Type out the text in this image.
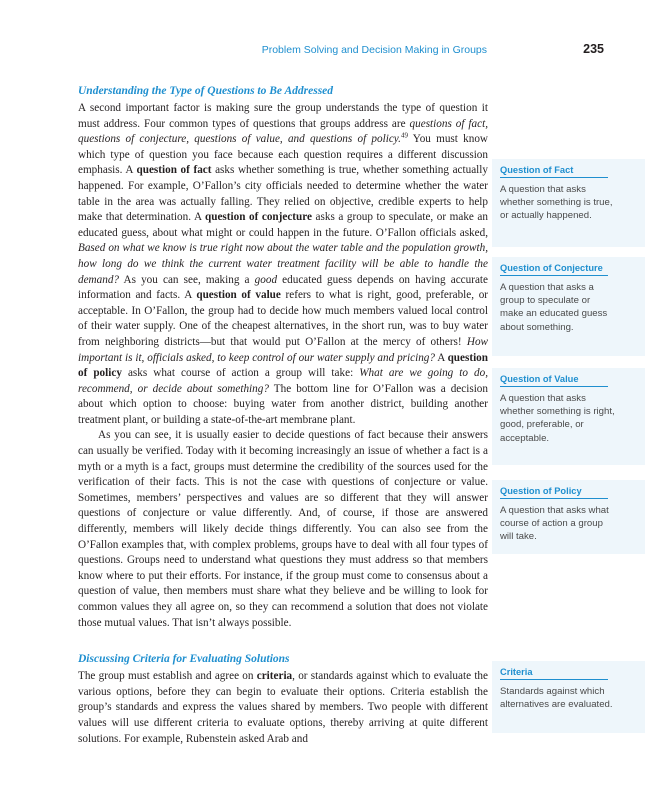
Problem Solving and Decision Making in Groups	235
Understanding the Type of Questions to Be Addressed

A second important factor is making sure the group understands the type of question it must address. Four common types of questions that groups address are questions of fact, questions of conjecture, questions of value, and questions of policy.$^{49}$ You must know which type of question you face because each question requires a different discussion emphasis. A question of fact asks whether something is true, whether something actually happened. For example, O’Fallon’s city officials needed to determine whether the water table in the area was actually falling. They relied on objective, credible experts to help make that determination. A question of conjecture asks a group to speculate, or make an educated guess, about what might or could happen in the future. O’Fallon officials asked, Based on what we know is true right now about the water table and the population growth, how long do we think the current water treatment facility will be able to handle the demand? As you can see, making a good educated guess depends on having accurate information and facts. A question of value refers to what is right, good, preferable, or acceptable. In O’Fallon, the group had to decide how much members valued local control of their water supply. One of the cheapest alternatives, in the short run, was to buy water from neighboring districts—but that would put O’Fallon at the mercy of others! How important is it, officials asked, to keep control of our water supply and pricing? A question of policy asks what course of action a group will take: What are we going to do, recommend, or decide about something? The bottom line for O’Fallon was a decision about which option to choose: buying water from another district, building another treatment plant, or building a state-of-the-art membrane plant.

As you can see, it is usually easier to decide questions of fact because their answers can usually be verified. Today with it becoming increasingly an issue of whether a fact is a myth or a myth is a fact, groups must determine the credibility of the sources used for the verification of their facts. This is not the case with questions of conjecture or value. Sometimes, members’ perspectives and values are so different that they will answer questions of conjecture or value differently. And, of course, if those are answered differently, members will likely decide things differently. You can also see from the O’Fallon examples that, with complex problems, groups have to deal with all four types of questions. Groups need to understand what questions they must address so that members know where to put their efforts. For instance, if the group must come to consensus about a question of value, then members must share what they believe and be willing to look for common values they all agree on, so they can recommend a solution that does not violate those mutual values. That isn’t always possible.

Discussing Criteria for Evaluating Solutions

The group must establish and agree on criteria, or standards against which to evaluate the various options, before they can begin to evaluate their options. Criteria establish the group’s standards and express the values shared by members. Two people with different values will use different criteria to evaluate options, thereby arriving at quite different solutions. For example, Rubenstein asked Arab and

Question of Fact
A question that asks whether something is true, or actually happened.
Question of Conjecture
A question that asks a group to speculate or make an educated guess about something.
Question of Value
A question that asks whether something is right, good, preferable, or acceptable.
Question of Policy
A question that asks what course of action a group will take.
Criteria
Standards against which alternatives are evaluated.
